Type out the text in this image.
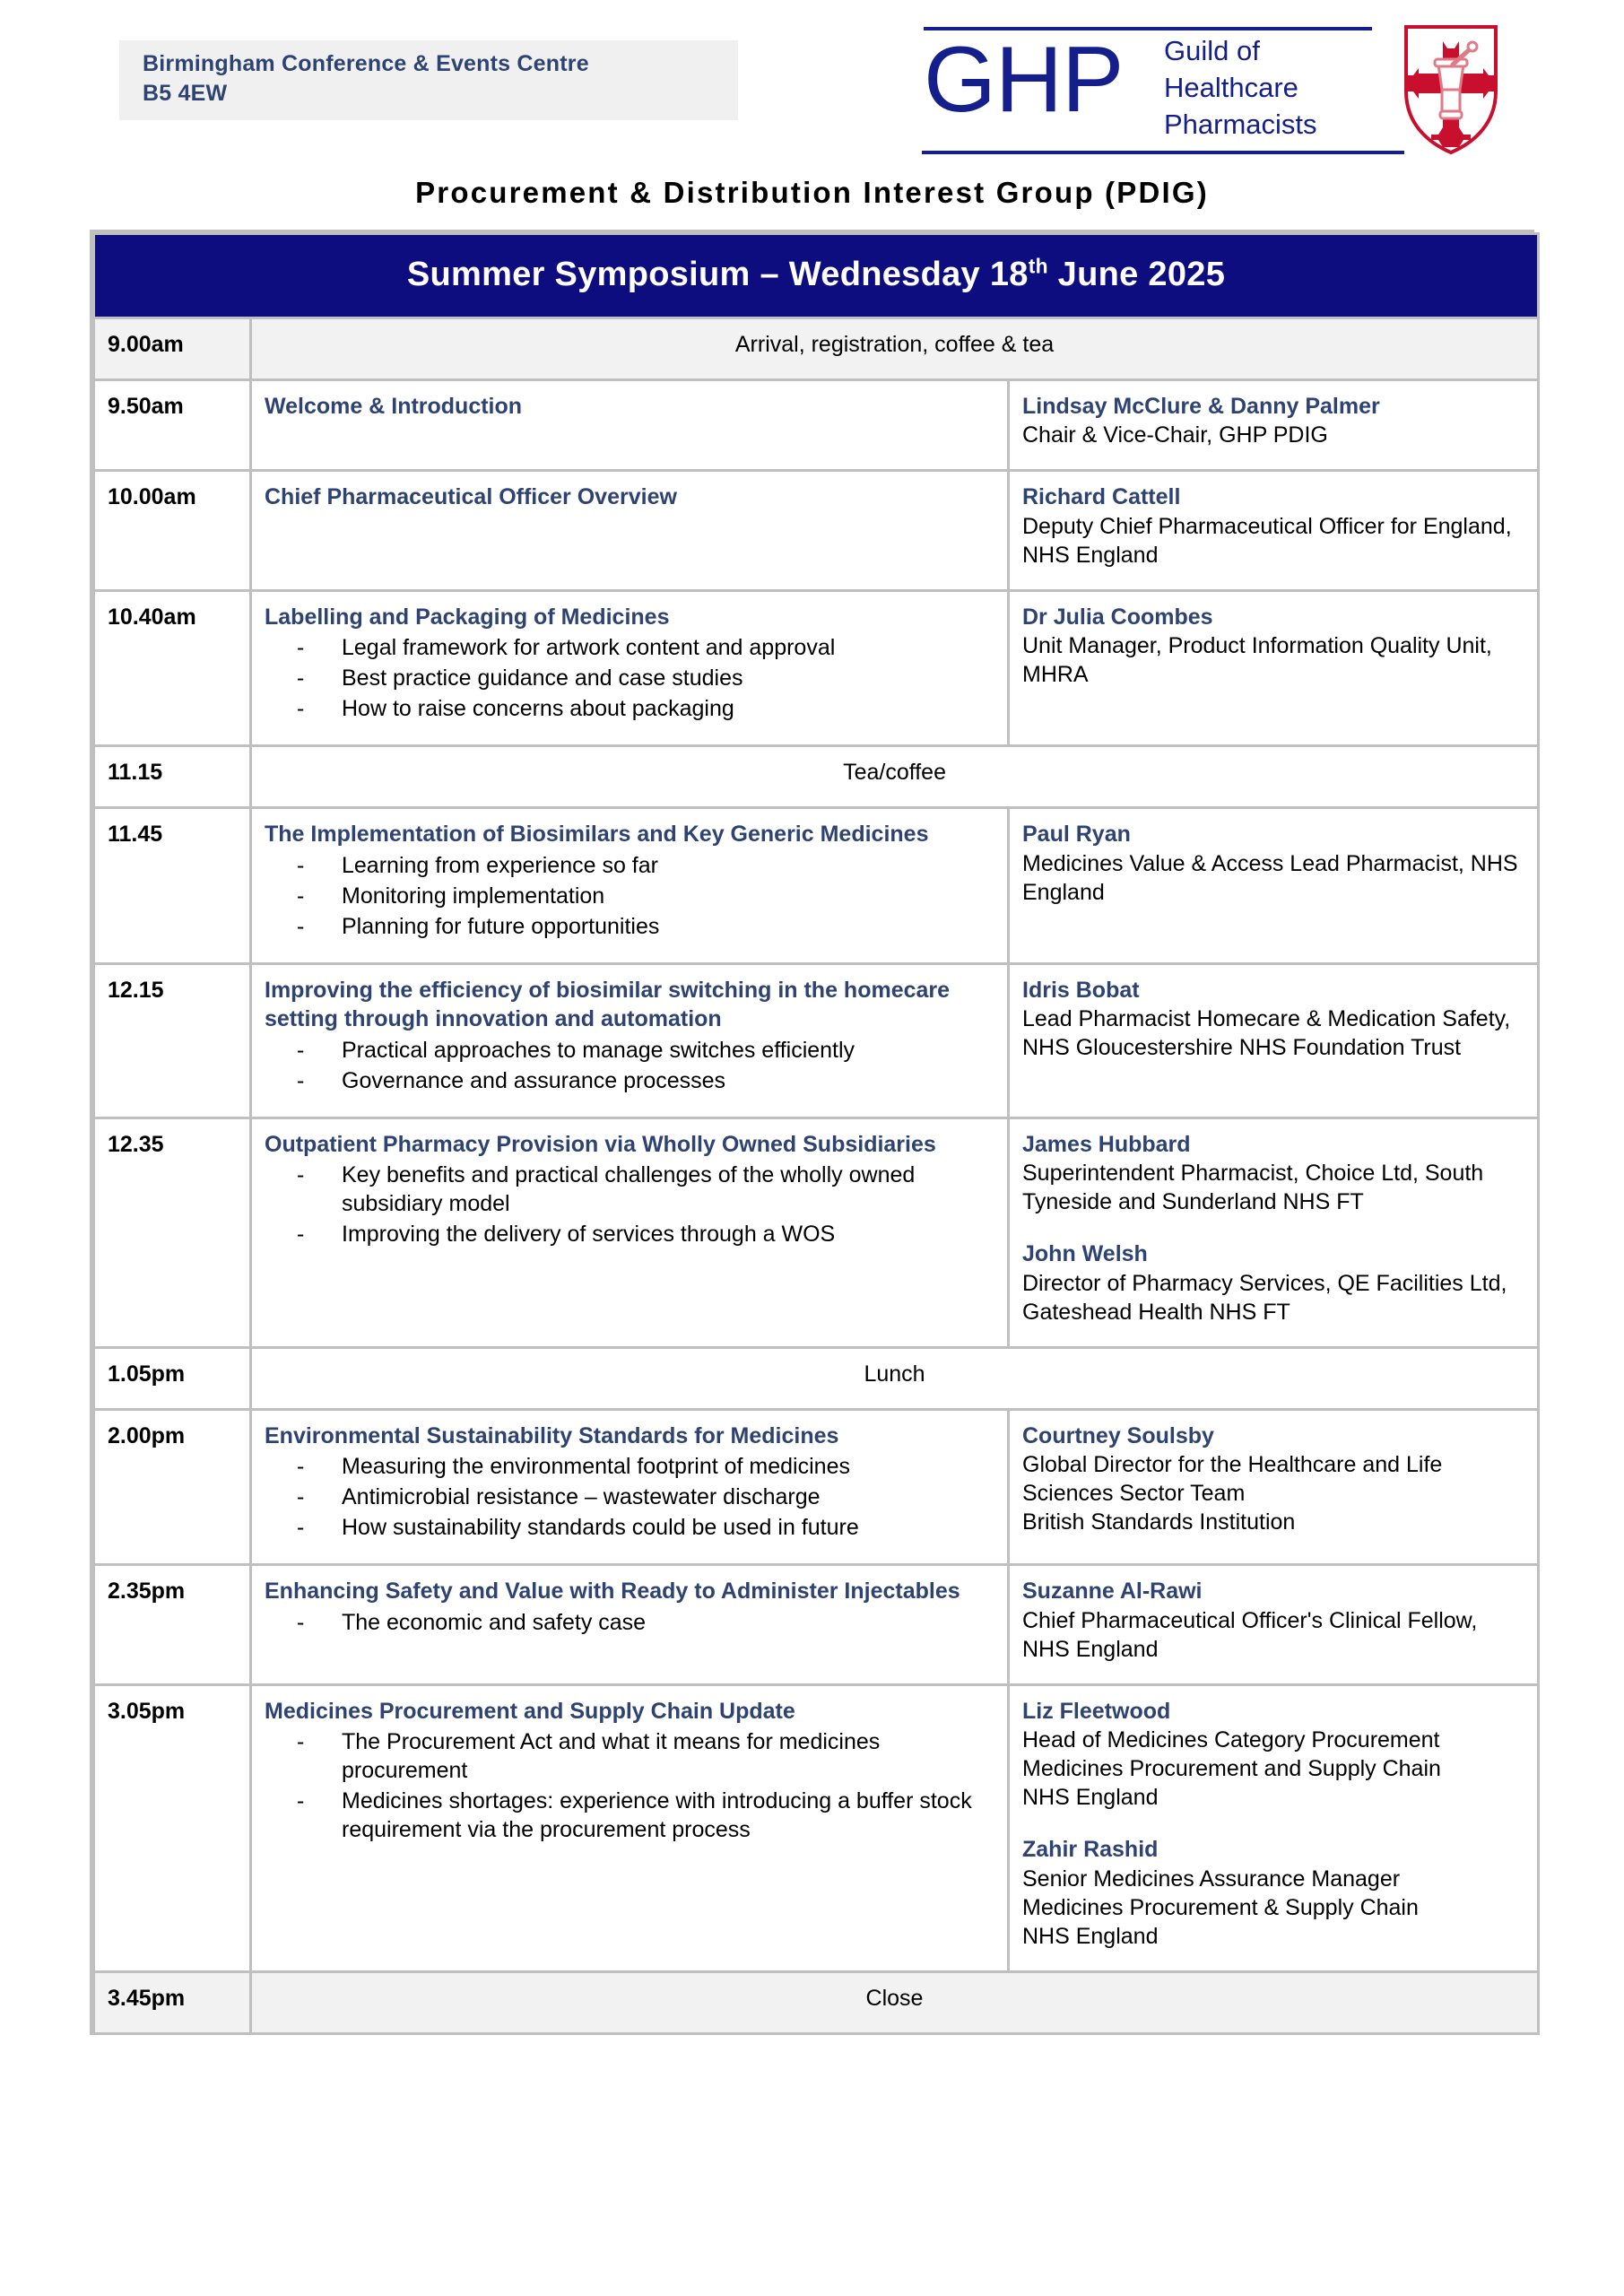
Birmingham Conference & Events Centre
B5 4EW	GHP Guild of
Healthcare
Pharmacists
Procurement & Distribution Interest Group (PDIG)
Summer Symposium – Wednesday 18th June 2025		
9.00am	Arrival, registration, coffee & tea	
9.50am	Welcome & Introduction	Lindsay McClure & Danny Palmer
Chair & Vice-Chair, GHP PDIG

10.00am	Chief Pharmaceutical Officer Overview	Richard Cattell
Deputy Chief Pharmaceutical Officer for England, NHS England

10.40am	Labelling and Packaging of Medicines
- Legal framework for artwork content and approval
- Best practice guidance and case studies
- How to raise concerns about packaging

Dr Julia Coombes
Unit Manager, Product Information Quality Unit, MHRA

11.15	Tea/coffee	
11.45	The Implementation of Biosimilars and Key Generic Medicines
- Learning from experience so far
- Monitoring implementation
- Planning for future opportunities

Paul Ryan
Medicines Value & Access Lead Pharmacist, NHS England

12.15	Improving the efficiency of biosimilar switching in the homecare setting through innovation and automation
- Practical approaches to manage switches efficiently
- Governance and assurance processes

Idris Bobat
Lead Pharmacist Homecare & Medication Safety, NHS Gloucestershire NHS Foundation Trust

12.35	Outpatient Pharmacy Provision via Wholly Owned Subsidiaries
- Key benefits and practical challenges of the wholly owned subsidiary model
- Improving the delivery of services through a WOS

James Hubbard
Superintendent Pharmacist, Choice Ltd, South Tyneside and Sunderland NHS FT
John Welsh
Director of Pharmacy Services, QE Facilities Ltd, Gateshead Health NHS FT

1.05pm	Lunch	
2.00pm	Environmental Sustainability Standards for Medicines
- Measuring the environmental footprint of medicines
- Antimicrobial resistance – wastewater discharge
- How sustainability standards could be used in future

Courtney Soulsby
Global Director for the Healthcare and Life Sciences Sector Team
British Standards Institution

2.35pm	Enhancing Safety and Value with Ready to Administer Injectables
- The economic and safety case

Suzanne Al-Rawi
Chief Pharmaceutical Officer's Clinical Fellow, NHS England

3.05pm	Medicines Procurement and Supply Chain Update
- The Procurement Act and what it means for medicines procurement
- Medicines shortages: experience with introducing a buffer stock requirement via the procurement process

Liz Fleetwood
Head of Medicines Category Procurement
Medicines Procurement and Supply Chain
NHS England
Zahir Rashid
Senior Medicines Assurance Manager
Medicines Procurement & Supply Chain
NHS England

3.45pm	Close	
